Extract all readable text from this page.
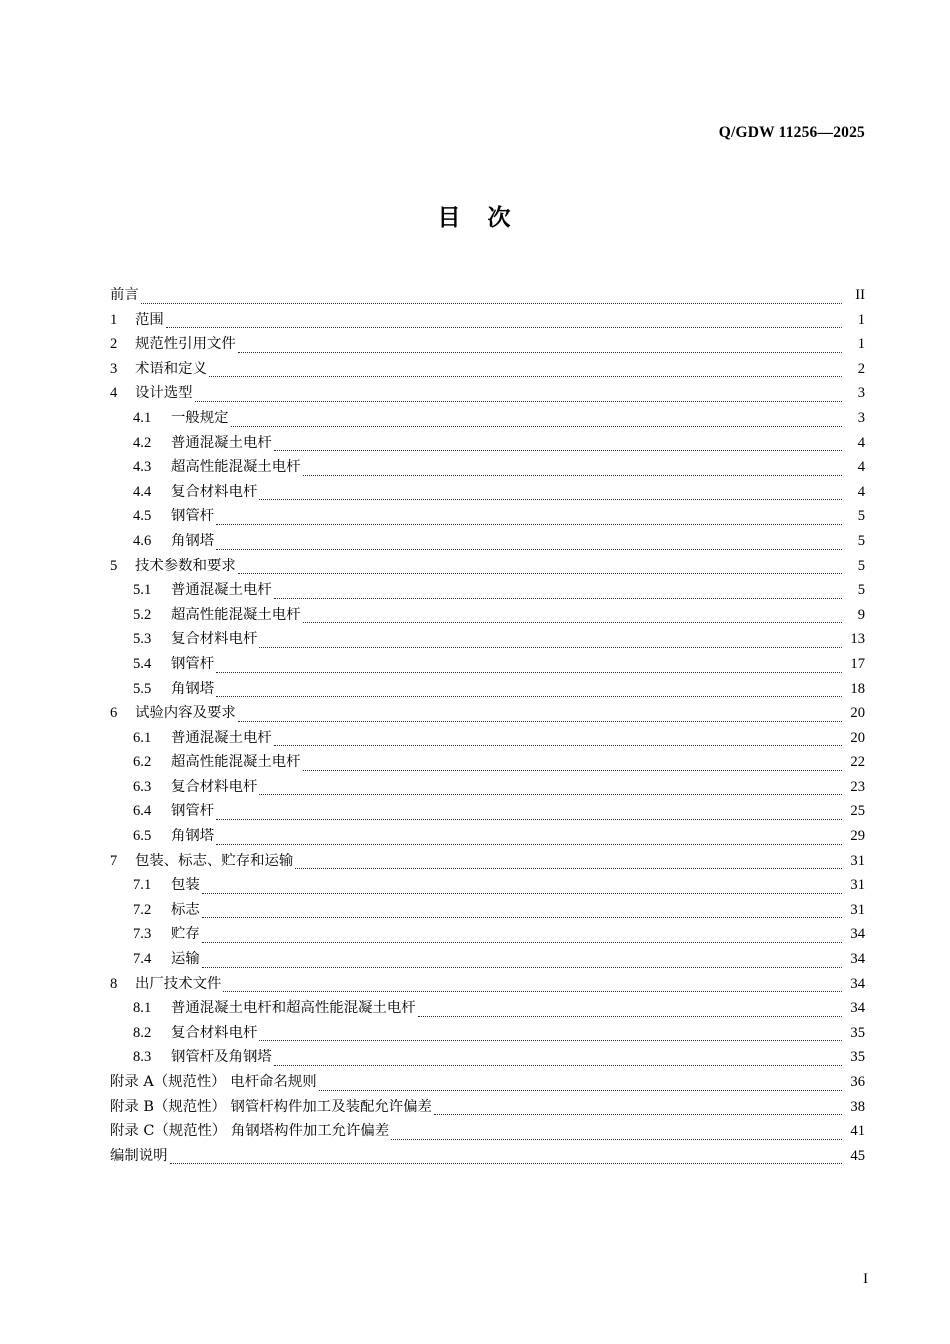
Q/GDW 11256—2025
目　次
前言	II
1	范围	1
2	规范性引用文件	1
3	术语和定义	2
4	设计选型	3
4.1	一般规定	3
4.2	普通混凝土电杆	4
4.3	超高性能混凝土电杆	4
4.4	复合材料电杆	4
4.5	钢管杆	5
4.6	角钢塔	5
5	技术参数和要求	5
5.1	普通混凝土电杆	5
5.2	超高性能混凝土电杆	9
5.3	复合材料电杆	13
5.4	钢管杆	17
5.5	角钢塔	18
6	试验内容及要求	20
6.1	普通混凝土电杆	20
6.2	超高性能混凝土电杆	22
6.3	复合材料电杆	23
6.4	钢管杆	25
6.5	角钢塔	29
7	包装、标志、贮存和运输	31
7.1	包装	31
7.2	标志	31
7.3	贮存	34
7.4	运输	34
8	出厂技术文件	34
8.1	普通混凝土电杆和超高性能混凝土电杆	34
8.2	复合材料电杆	35
8.3	钢管杆及角钢塔	35
附录 A（规范性） 电杆命名规则	36
附录 B（规范性） 钢管杆构件加工及装配允许偏差	38
附录 C（规范性） 角钢塔构件加工允许偏差	41
编制说明	45
I
